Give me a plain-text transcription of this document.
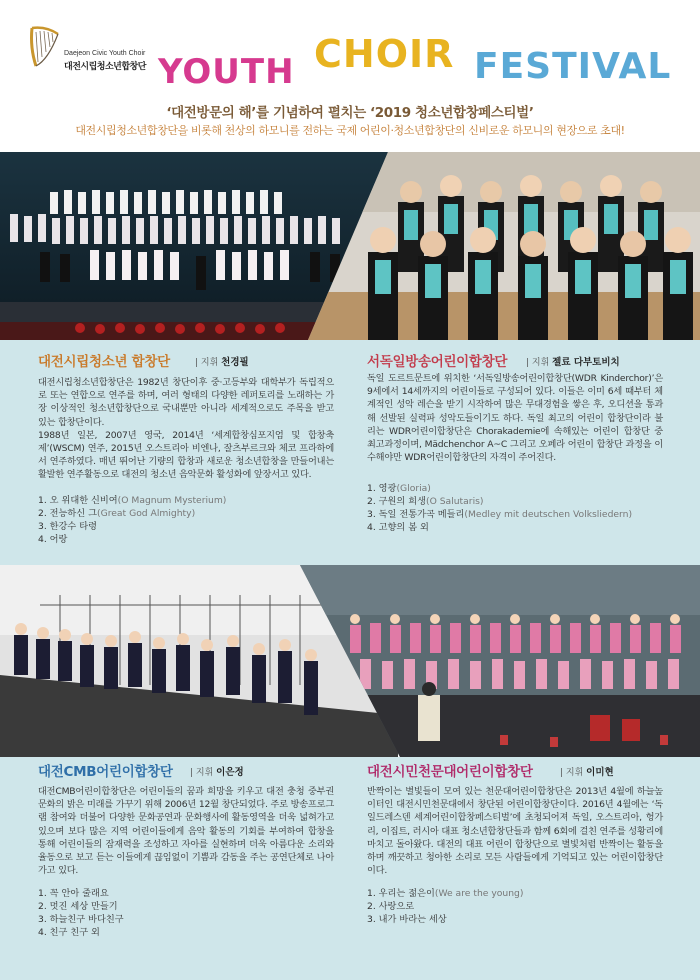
Daejeon Civic Youth Choir
대전시립청소년합창단 YOUTH CHOIR FESTIVAL
‘대전방문의 해’를 기념하여 펼치는 ‘2019 청소년합창페스티벌’
대전시립청소년합창단을 비롯해 천상의 하모니를 전하는 국제 어린이·청소년합창단의 신비로운 하모니의 현장으로 초대!
대전시립청소년 합창단	| 지휘 천경필
대전시립청소년합창단은 1982년 창단이후 중·고등부와 대학부가 독립적으로 또는 연합으로 연주를 하며, 여러 형태의 다양한 레퍼토리를 노래하는 가장 이상적인 청소년합창단으로 국내뿐만 아니라 세계적으로도 주목을 받고 있는 합창단이다.
1988년 일본, 2007년 영국, 2014년 ‘세계합창심포지엄 및 합창축제’(WSCM) 연주, 2015년 오스트리아 비엔나, 잘츠부르크와 체코 프라하에서 연주하였다. 매년 뛰어난 기량의 합창과 새로운 청소년합창을 만들어내는 활발한 연주활동으로 대전의 청소년 음악문화 활성화에 앞장서고 있다.
1. 오 위대한 신비여(O Magnum Mysterium)
2. 전능하신 그(Great God Almighty)
3. 한강수 타령
4. 어랑
서독일방송어린이합창단 | 지휘 젤료 다부토비치
독일 도르트문트에 위치한 ‘서독일방송어린이합창단(WDR Kinderchor)’은 9세에서 14세까지의 어린이들로 구성되어 있다. 이들은 이미 6세 때부터 체계적인 성악 레슨을 받기 시작하여 많은 무대경험을 쌓은 후, 오디션을 통과해 선발된 실력파 성악도들이기도 하다. 독일 최고의 어린이 합창단이라 불리는 WDR어린이합창단은 Chorakademie에 속해있는 어린이 합창단 중 최고과정이며, Mädchenchor A~C 그리고 오페라 어린이 합창단 과정을 이수해야만 WDR어린이합창단의 자격이 주어진다.
1. 영광(Gloria)
2. 구원의 희생(O Salutaris)
3. 독일 전통가곡 메들리(Medley mit deutschen Volksliedern)
4. 고향의 봄 외
대전CMB어린이합창단 | 지휘 이은정
대전CMB어린이합창단은 어린이들의 꿈과 희망을 키우고 대전 충청 중부권 문화의 밝은 미래를 가꾸기 위해 2006년 12월 창단되었다. 주로 방송프로그램 참여와 더불어 다양한 문화공연과 문화행사에 활동영역을 더욱 넓혀가고 있으며 보다 많은 지역 어린이들에게 음악 활동의 기회를 부여하여 합창을 통해 어린이들의 잠재력을 조성하고 자아를 실현하며 더욱 아름다운 소리와 율동으로 보고 듣는 이들에게 끊임없이 기쁨과 감동을 주는 공연단체로 나아가고 있다.
1. 꼭 안아 줄래요
2. 멋진 세상 만들기
3. 하늘친구 바다친구
4. 친구 친구 외
대전시민천문대어린이합창단	| 지휘 이미현
반짝이는 별빛들이 모여 있는 천문대어린이합창단은 2013년 4월에 하늘높이터인 대전시민천문대에서 창단된 어린이합창단이다. 2016년 4월에는 ‘독일드레스덴 세계어린이합창페스티벌’에 초청되어져 독일, 오스트리아, 헝가리, 이집트, 러시아 대표 청소년합창단들과 함께 6회에 걸친 연주를 성황리에 마치고 돌아왔다. 대전의 대표 어린이 합창단으로 별빛처럼 반짝이는 활동을 하며 깨끗하고 청아한 소리로 모든 사람들에게 기억되고 있는 어린이합창단이다.
1. 우리는 젊은이(We are the young)
2. 사랑으로
3. 내가 바라는 세상
